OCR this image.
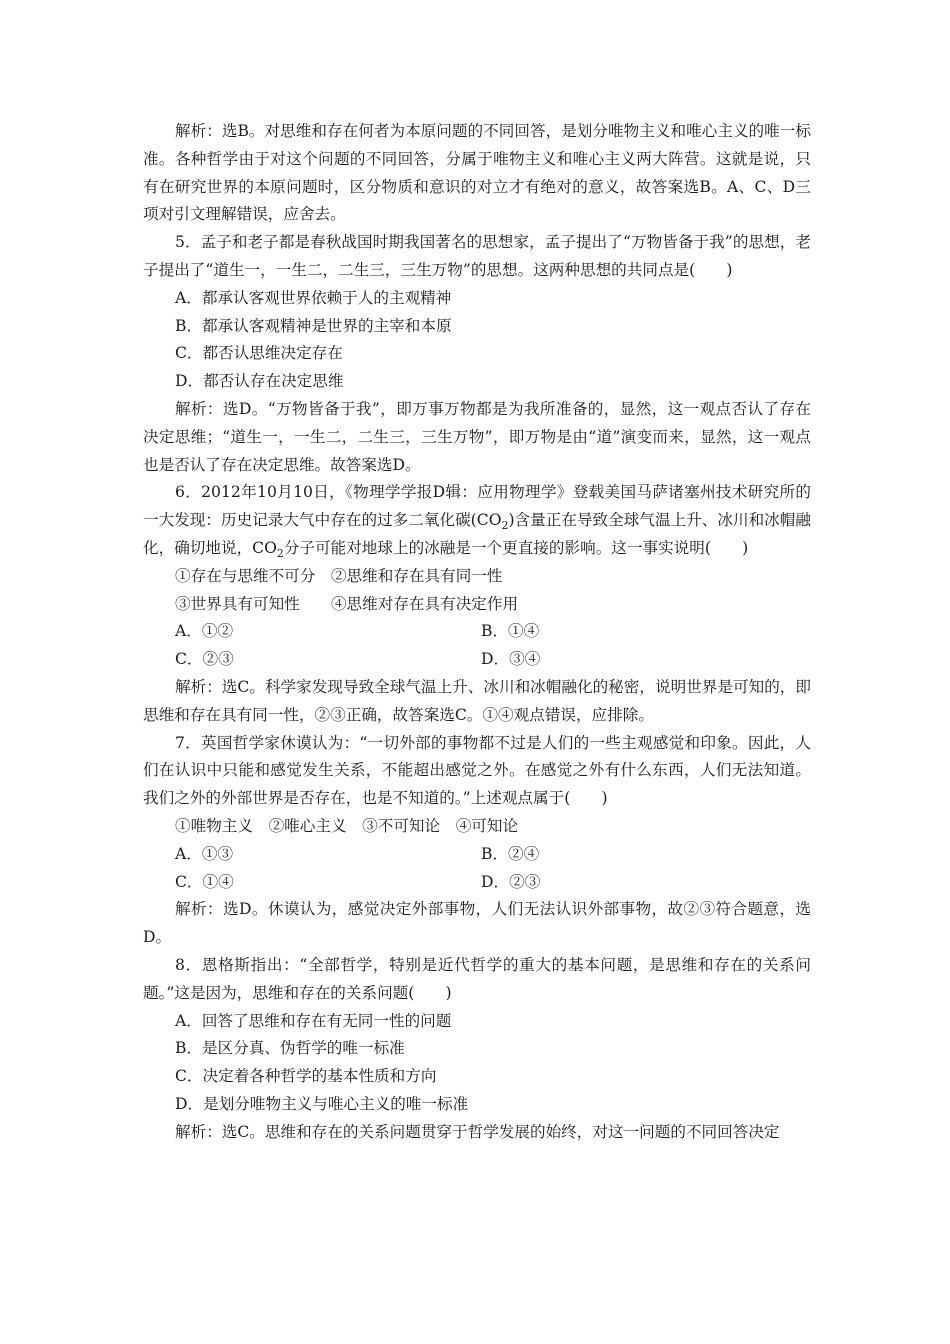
解析：选B。对思维和存在何者为本原问题的不同回答，是划分唯物主义和唯心主义的唯一标准。各种哲学由于对这个问题的不同回答，分属于唯物主义和唯心主义两大阵营。这就是说，只有在研究世界的本原问题时，区分物质和意识的对立才有绝对的意义，故答案选B。A、C、D三项对引文理解错误，应舍去。

5．孟子和老子都是春秋战国时期我国著名的思想家，孟子提出了“万物皆备于我”的思想，老子提出了“道生一，一生二，二生三，三生万物”的思想。这两种思想的共同点是(　　)

A．都承认客观世界依赖于人的主观精神

B．都承认客观精神是世界的主宰和本原

C．都否认思维决定存在

D．都否认存在决定思维

解析：选D。“万物皆备于我”，即万事万物都是为我所准备的，显然，这一观点否认了存在决定思维；“道生一，一生二，二生三，三生万物”，即万物是由“道”演变而来，显然，这一观点也是否认了存在决定思维。故答案选D。

6．2012年10月10日，《物理学学报D辑：应用物理学》登载美国马萨诸塞州技术研究所的一大发现：历史记录大气中存在的过多二氧化碳$(CO_2)$含量正在导致全球气温上升、冰川和冰帽融化，确切地说，$CO_2$分子可能对地球上的冰融是一个更直接的影响。这一事实说明(　　)

①存在与思维不可分　②思维和存在具有同一性

③世界具有可知性　　④思维对存在具有决定作用

A．①②	B．①④
C．②③	D．③④

解析：选C。科学家发现导致全球气温上升、冰川和冰帽融化的秘密，说明世界是可知的，即思维和存在具有同一性，②③正确，故答案选C。①④观点错误，应排除。

7．英国哲学家休谟认为：“一切外部的事物都不过是人们的一些主观感觉和印象。因此，人们在认识中只能和感觉发生关系，不能超出感觉之外。在感觉之外有什么东西，人们无法知道。我们之外的外部世界是否存在，也是不知道的。”上述观点属于(　　)

①唯物主义　②唯心主义　③不可知论　④可知论

A．①③	B．②④
C．①④	D．②③

解析：选D。休谟认为，感觉决定外部事物，人们无法认识外部事物，故②③符合题意，选D。

8．恩格斯指出：“全部哲学，特别是近代哲学的重大的基本问题，是思维和存在的关系问题。”这是因为，思维和存在的关系问题(　　)

A．回答了思维和存在有无同一性的问题

B．是区分真、伪哲学的唯一标准

C．决定着各种哲学的基本性质和方向

D．是划分唯物主义与唯心主义的唯一标准

解析：选C。思维和存在的关系问题贯穿于哲学发展的始终，对这一问题的不同回答决定
